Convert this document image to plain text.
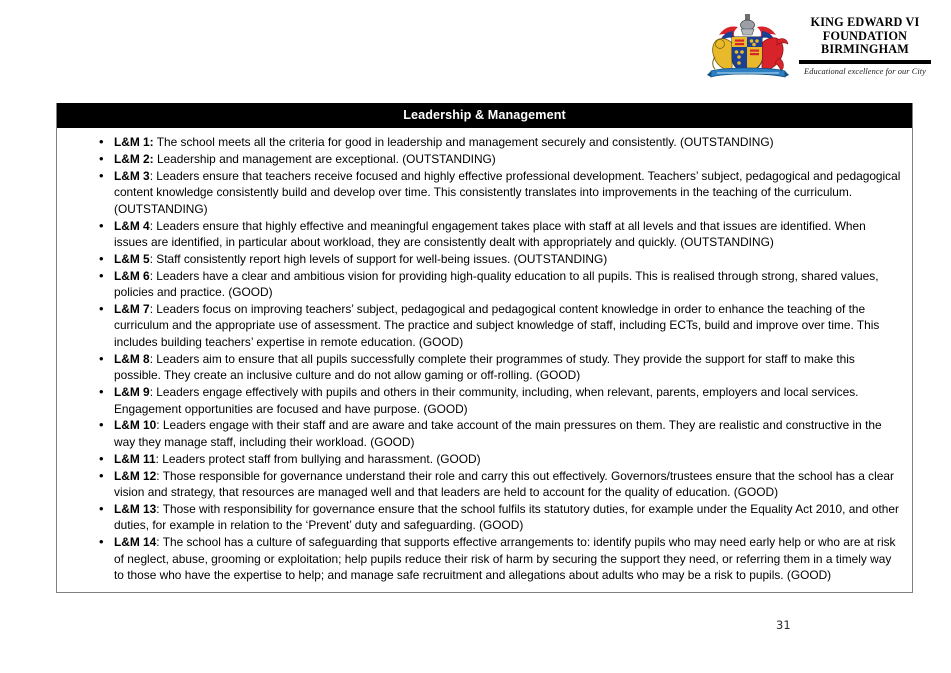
KING EDWARD VI
FOUNDATION
BIRMINGHAM
Educational excellence for our City
Leadership & Management
• L&M 1: The school meets all the criteria for good in leadership and management securely and consistently. (OUTSTANDING)
• L&M 2: Leadership and management are exceptional. (OUTSTANDING)
• L&M 3: Leaders ensure that teachers receive focused and highly effective professional development. Teachers’ subject, pedagogical and pedagogical content knowledge consistently build and develop over time. This consistently translates into improvements in the teaching of the curriculum. (OUTSTANDING)
• L&M 4: Leaders ensure that highly effective and meaningful engagement takes place with staff at all levels and that issues are identified. When issues are identified, in particular about workload, they are consistently dealt with appropriately and quickly. (OUTSTANDING)
• L&M 5: Staff consistently report high levels of support for well-being issues. (OUTSTANDING)
• L&M 6: Leaders have a clear and ambitious vision for providing high-quality education to all pupils. This is realised through strong, shared values, policies and practice. (GOOD)
• L&M 7: Leaders focus on improving teachers’ subject, pedagogical and pedagogical content knowledge in order to enhance the teaching of the curriculum and the appropriate use of assessment. The practice and subject knowledge of staff, including ECTs, build and improve over time. This includes building teachers’ expertise in remote education. (GOOD)
• L&M 8: Leaders aim to ensure that all pupils successfully complete their programmes of study. They provide the support for staff to make this possible. They create an inclusive culture and do not allow gaming or off-rolling. (GOOD)
• L&M 9: Leaders engage effectively with pupils and others in their community, including, when relevant, parents, employers and local services. Engagement opportunities are focused and have purpose. (GOOD)
• L&M 10: Leaders engage with their staff and are aware and take account of the main pressures on them. They are realistic and constructive in the way they manage staff, including their workload. (GOOD)
• L&M 11: Leaders protect staff from bullying and harassment. (GOOD)
• L&M 12: Those responsible for governance understand their role and carry this out effectively. Governors/trustees ensure that the school has a clear vision and strategy, that resources are managed well and that leaders are held to account for the quality of education. (GOOD)
• L&M 13: Those with responsibility for governance ensure that the school fulfils its statutory duties, for example under the Equality Act 2010, and other duties, for example in relation to the ‘Prevent’ duty and safeguarding. (GOOD)
• L&M 14: The school has a culture of safeguarding that supports effective arrangements to: identify pupils who may need early help or who are at risk of neglect, abuse, grooming or exploitation; help pupils reduce their risk of harm by securing the support they need, or referring them in a timely way to those who have the expertise to help; and manage safe recruitment and allegations about adults who may be a risk to pupils. (GOOD)
31
